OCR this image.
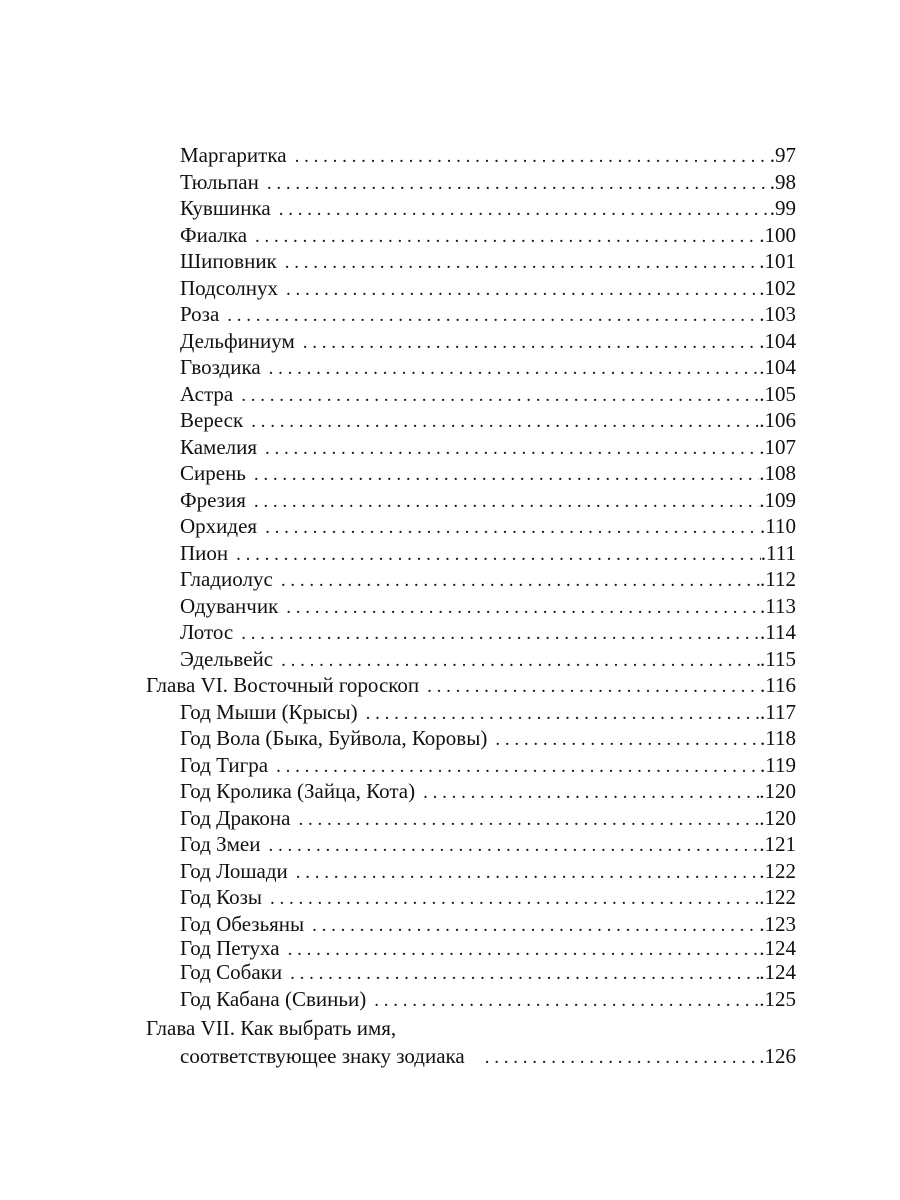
Маргаритка . . .	.97
Тюльпан . . .	.98
Кувшинка . . .	.99
Фиалка . . .	.100
Шиповник . . .	.101
Подсолнух . . .	.102
Роза . . .	.103
Дельфиниум . . .	.104
Гвоздика . . .	.104
Астра . . .	.105
Вереск . . .	.106
Камелия . . .	.107
Сирень . . .	.108
Фрезия . . .	.109
Орхидея . . .	.110
Пион . . .	.111
Гладиолус . . .	.112
Одуванчик . . .	.113
Лотос . . .	.114
Эдельвейс . . .	.115
Глава VI. Восточный гороскоп . . .	.116
Год Мыши (Крысы) . . .	.117
Год Вола (Быка, Буйвола, Коровы) . . .	.118
Год Тигра . . .	.119
Год Кролика (Зайца, Кота) . . .	.120
Год Дракона . . .	.120
Год Змеи . . .	.121
Год Лошади . . .	.122
Год Козы . . .	.122
Год Обезьяны . . .	.123
Год Петуха . . .	.124
Год Собаки . . .	.124
Год Кабана (Свиньи) . . .	.125
Глава VII. Как выбрать имя,
соответствующее знаку зодиака . . .	.126
